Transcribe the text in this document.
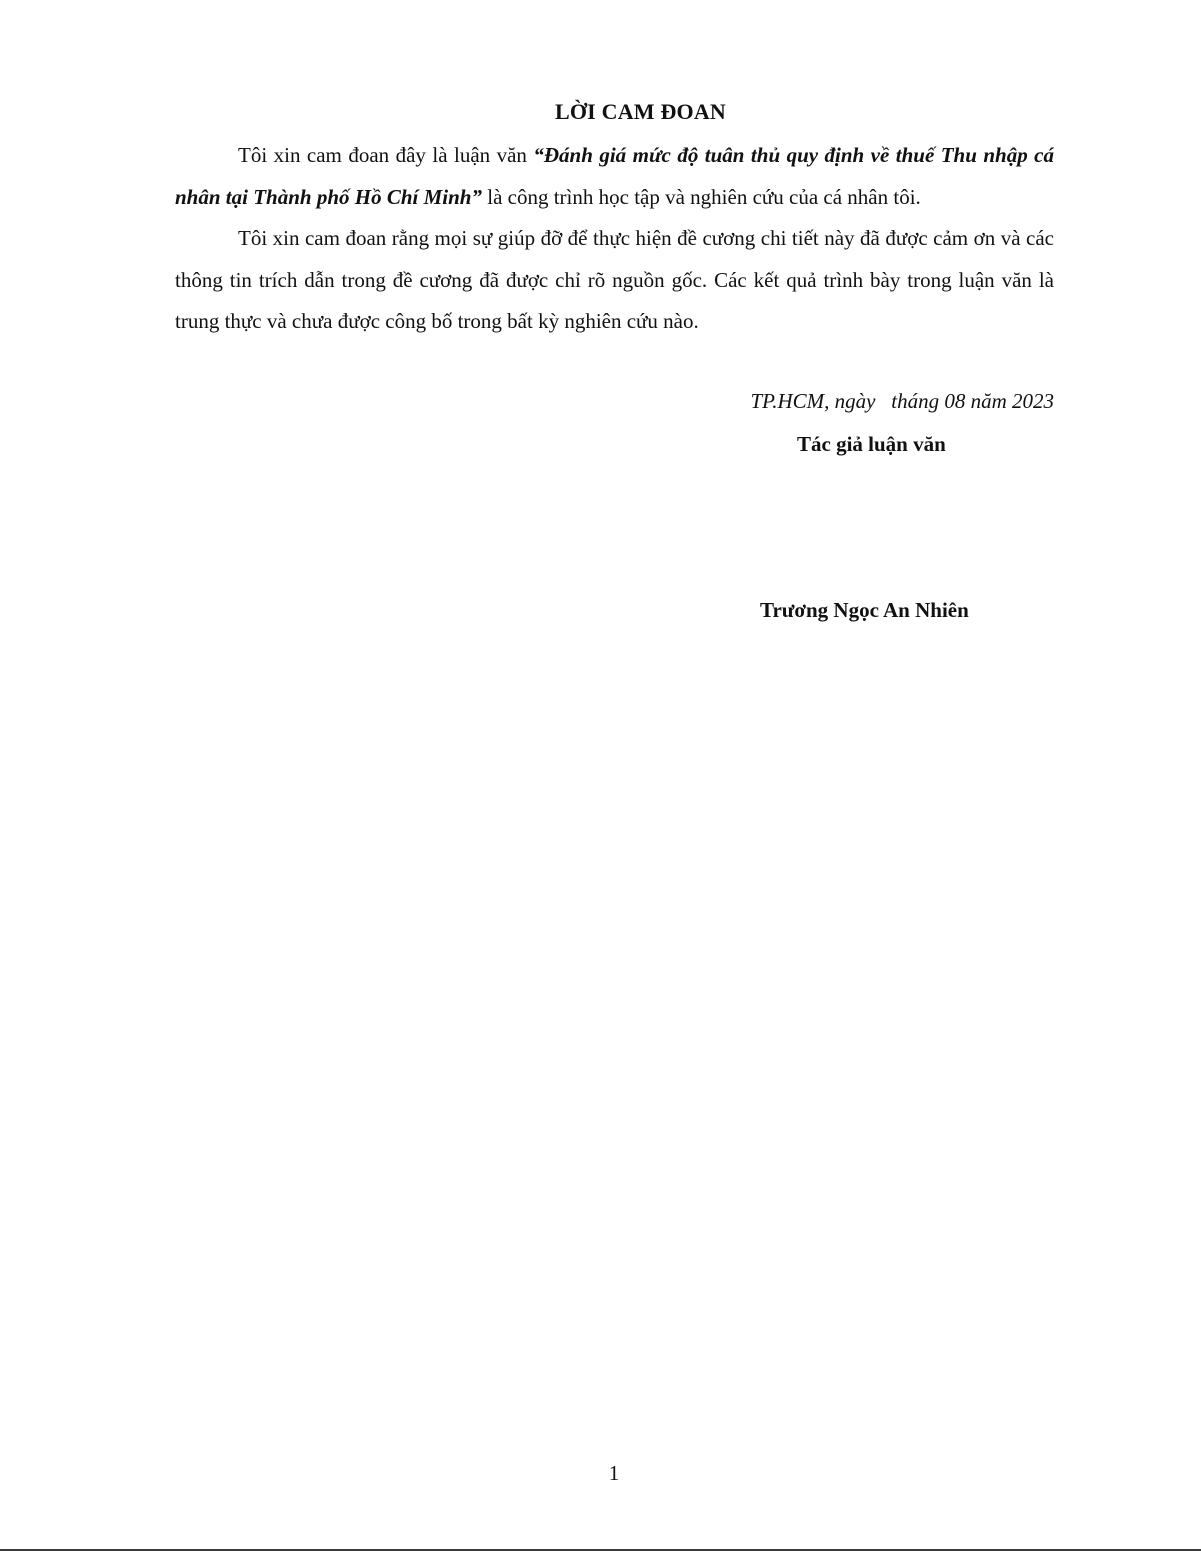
LỜI CAM ĐOAN

Tôi xin cam đoan đây là luận văn “Đánh giá mức độ tuân thủ quy định về thuế Thu nhập cá nhân tại Thành phố Hồ Chí Minh” là công trình học tập và nghiên cứu của cá nhân tôi.

Tôi xin cam đoan rằng mọi sự giúp đỡ để thực hiện đề cương chi tiết này đã được cảm ơn và các thông tin trích dẫn trong đề cương đã được chỉ rõ nguồn gốc. Các kết quả trình bày trong luận văn là trung thực và chưa được công bố trong bất kỳ nghiên cứu nào.

TP.HCM, ngày   tháng 08 năm 2023
Tác giả luận văn
Trương Ngọc An Nhiên
1
